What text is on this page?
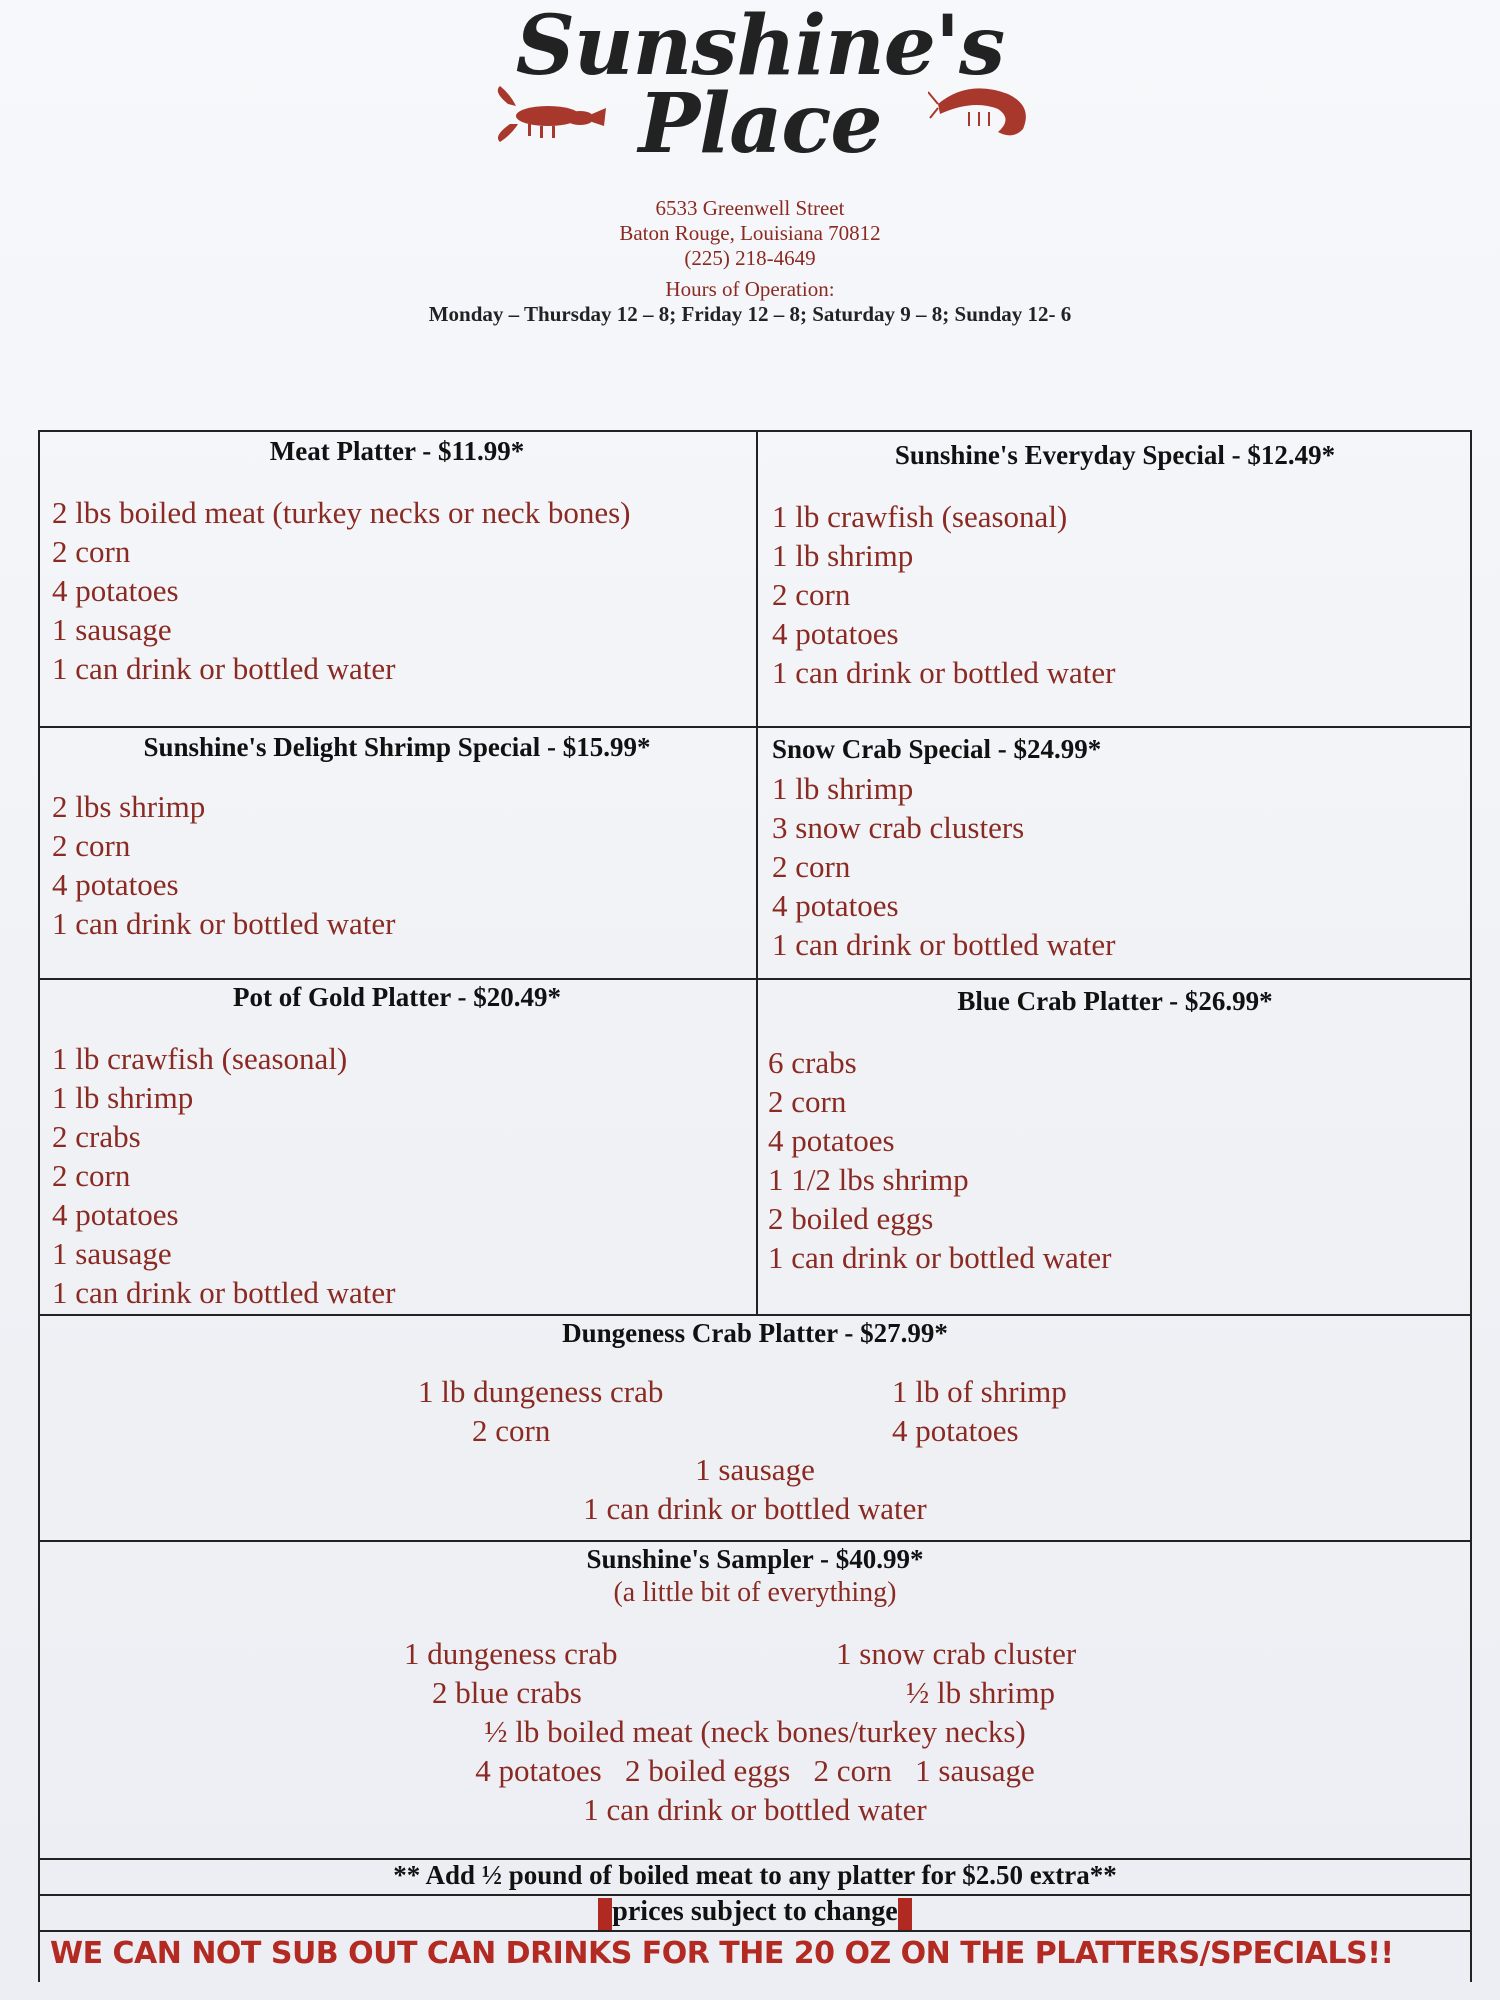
Sunshine's
Place
6533 Greenwell Street
Baton Rouge, Louisiana 70812
(225) 218-4649
Hours of Operation:
Monday – Thursday 12 – 8; Friday 12 – 8; Saturday 9 – 8; Sunday 12- 6
Meat Platter - $11.99*
2 lbs boiled meat (turkey necks or neck bones)
2 corn
4 potatoes
1 sausage
1 can drink or bottled water
Sunshine's Everyday Special - $12.49*
1 lb crawfish (seasonal)
1 lb shrimp
2 corn
4 potatoes
1 can drink or bottled water
Sunshine's Delight Shrimp Special - $15.99*
2 lbs shrimp
2 corn
4 potatoes
1 can drink or bottled water
Snow Crab Special - $24.99*
1 lb shrimp
3 snow crab clusters
2 corn
4 potatoes
1 can drink or bottled water
Pot of Gold Platter - $20.49*
1 lb crawfish (seasonal)
1 lb shrimp
2 crabs
2 corn
4 potatoes
1 sausage
1 can drink or bottled water
Blue Crab Platter - $26.99*
6 crabs
2 corn
4 potatoes
1 1/2 lbs shrimp
2 boiled eggs
1 can drink or bottled water
Dungeness Crab Platter - $27.99*
1 lb dungeness crab
2 corn
1 lb of shrimp
4 potatoes
1 sausage
1 can drink or bottled water
Sunshine's Sampler - $40.99*
(a little bit of everything)
1 dungeness crab
2 blue crabs
1 snow crab cluster
½ lb shrimp
½ lb boiled meat (neck bones/turkey necks)
4 potatoes   2 boiled eggs   2 corn   1 sausage
1 can drink or bottled water
** Add ½ pound of boiled meat to any platter for $2.50 extra**
prices subject to change
WE CAN NOT SUB OUT CAN DRINKS FOR THE 20 OZ ON THE PLATTERS/SPECIALS!!
